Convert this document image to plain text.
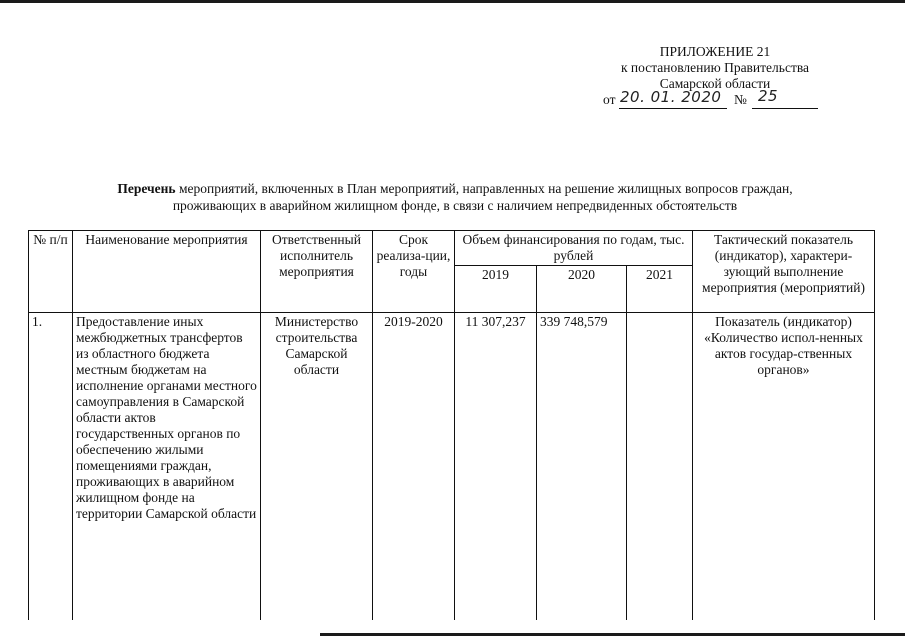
ПРИЛОЖЕНИЕ 21
к постановлению Правительства
Самарской области
от 20. 01. 2020 № 25
Перечень мероприятий, включенных в План мероприятий, направленных на решение жилищных вопросов граждан,
проживающих в аварийном жилищном фонде, в связи с наличием непредвиденных обстоятельств
№ п/п	Наименование мероприятия	Ответственный исполнитель мероприятия	Срок реализа-ции, годы	Объем финансирования по годам, тыс. рублей			Тактический показатель (индикатор), характери-зующий выполнение мероприятия (мероприятий)
				2019	2020	2021	
1.	Предоставление иных межбюджетных трансфертов из областного бюджета местным бюджетам на исполнение органами местного самоуправления в Самарской области актов государственных органов по обеспечению жилыми помещениями граждан, проживающих в аварийном жилищном фонде на территории Самарской области	Министерство строительства Самарской области	2019-2020	11 307,237	339 748,579		Показатель (индикатор) «Количество испол-ненных актов государ-ственных органов»
